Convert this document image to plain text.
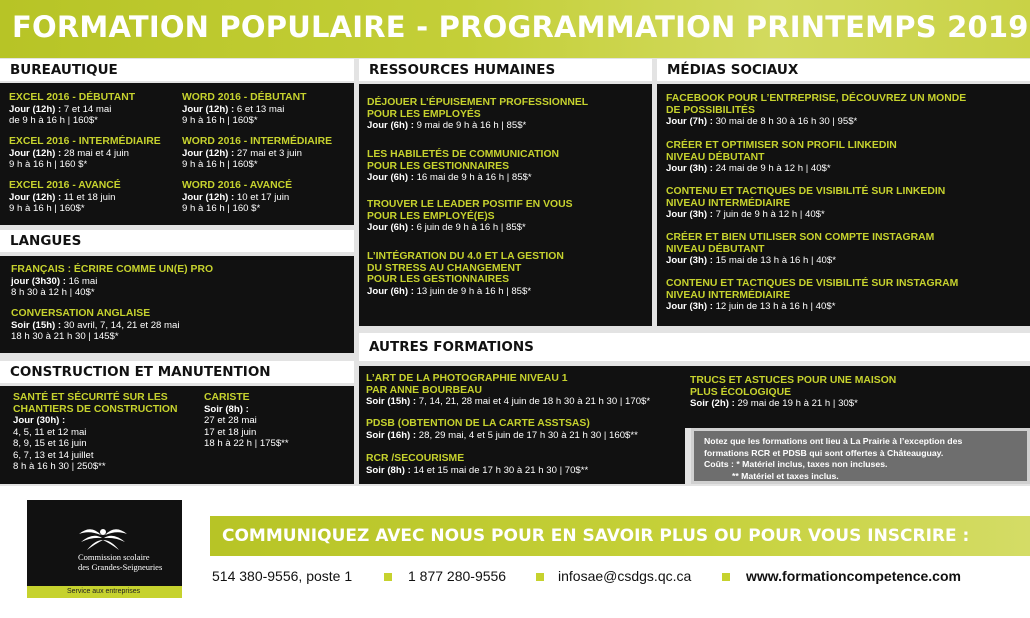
FORMATION POPULAIRE - PROGRAMMATION PRINTEMPS 2019
BUREAUTIQUE
EXCEL 2016 - DÉBUTANT
Jour (12h) : 7 et 14 mai
de 9 h à 16 h | 160$*
EXCEL 2016 - INTERMÉDIAIRE
Jour (12h) : 28 mai et 4 juin
9 h à 16 h | 160 $*
EXCEL 2016 - AVANCÉ
Jour (12h) : 11 et 18 juin
9 h à 16 h | 160$*
WORD 2016 - DÉBUTANT
Jour (12h) : 6 et 13 mai
9 h à 16 h | 160$*
WORD 2016 - INTERMÉDIAIRE
Jour (12h) : 27 mai et 3 juin
9 h à 16 h | 160$*
WORD 2016 - AVANCÉ
Jour (12h) : 10 et 17 juin
9 h à 16 h | 160 $*
LANGUES
FRANÇAIS : ÉCRIRE COMME UN(E) PRO
jour (3h30) : 16 mai
8 h 30 à 12 h | 40$*
CONVERSATION ANGLAISE
Soir (15h) : 30 avril, 7, 14, 21 et 28 mai
18 h 30 à 21 h 30 | 145$*
CONSTRUCTION ET MANUTENTION
SANTÉ ET SÉCURITÉ SUR LES
CHANTIERS DE CONSTRUCTION
Jour (30h) :
4, 5, 11 et 12 mai
8, 9, 15 et 16 juin
6, 7, 13 et 14 juillet
8 h à 16 h 30 | 250$**
CARISTE
Soir (8h) :
27 et 28 mai
17 et 18 juin
18 h à 22 h | 175$**
RESSOURCES HUMAINES
DÉJOUER L’ÉPUISEMENT PROFESSIONNEL
POUR LES EMPLOYÉS
Jour (6h) : 9 mai de 9 h à 16 h | 85$*
LES HABILETÉS DE COMMUNICATION
POUR LES GESTIONNAIRES
Jour (6h) : 16 mai de 9 h à 16 h | 85$*
TROUVER LE LEADER POSITIF EN VOUS
POUR LES EMPLOYÉ(E)S
Jour (6h) : 6 juin de 9 h à 16 h | 85$*
L’INTÉGRATION DU 4.0 ET LA GESTION
DU STRESS AU CHANGEMENT
POUR LES GESTIONNAIRES
Jour (6h) : 13 juin de 9 h à 16 h | 85$*
MÉDIAS SOCIAUX
FACEBOOK POUR L’ENTREPRISE, DÉCOUVREZ UN MONDE
DE POSSIBILITÉS
Jour (7h) : 30 mai de 8 h 30 à 16 h 30 | 95$*
CRÉER ET OPTIMISER SON PROFIL LINKEDIN
NIVEAU DÉBUTANT
Jour (3h) : 24 mai de 9 h à 12 h | 40$*
CONTENU ET TACTIQUES DE VISIBILITÉ SUR LINKEDIN
NIVEAU INTERMÉDIAIRE
Jour (3h) : 7 juin de 9 h à 12 h | 40$*
CRÉER ET BIEN UTILISER SON COMPTE INSTAGRAM
NIVEAU DÉBUTANT
Jour (3h) : 15 mai de 13 h à 16 h | 40$*
CONTENU ET TACTIQUES DE VISIBILITÉ SUR INSTAGRAM
NIVEAU INTERMÉDIAIRE
Jour (3h) : 12 juin de 13 h à 16 h | 40$*
AUTRES FORMATIONS
L’ART DE LA PHOTOGRAPHIE NIVEAU 1
PAR ANNE BOURBEAU
Soir (15h) : 7, 14, 21, 28 mai et 4 juin de 18 h 30 à 21 h 30 | 170$*
PDSB (OBTENTION DE LA CARTE ASSTSAS)
Soir (16h) : 28, 29 mai, 4 et 5 juin de 17 h 30 à 21 h 30 | 160$**
RCR /SECOURISME
Soir (8h) : 14 et 15 mai de 17 h 30 à 21 h 30 | 70$**
TRUCS ET ASTUCES POUR UNE MAISON
PLUS ÉCOLOGIQUE
Soir (2h) : 29 mai de 19 h à 21 h | 30$*

Notez que les formations ont lieu à La Prairie à l’exception des

formations RCR et PDSB qui sont offertes à Châteauguay.

Coûts : * Matériel inclus, taxes non incluses.

** Matériel et taxes inclus.

Commission scolaire
des Grandes-Seigneuries
Service aux entreprises
COMMUNIQUEZ AVEC NOUS POUR EN SAVOIR PLUS OU POUR VOUS INSCRIRE :
514 380-9556, poste 1	1 877 280-9556	infosae@csdgs.qc.ca	www.formationcompetence.com
